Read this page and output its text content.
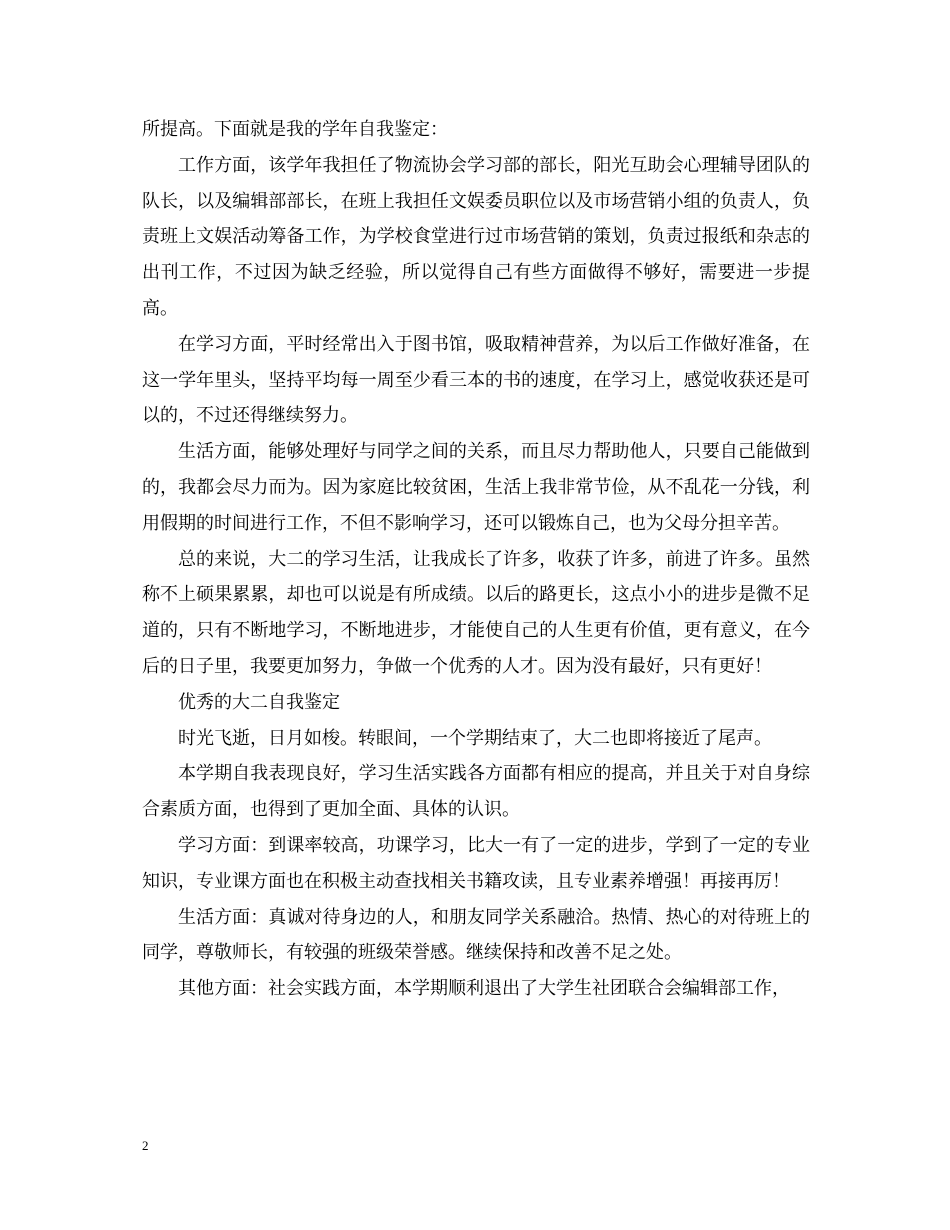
所提高。下面就是我的学年自我鉴定：

工作方面，该学年我担任了物流协会学习部的部长，阳光互助会心理辅导团队的队长，以及编辑部部长，在班上我担任文娱委员职位以及市场营销小组的负责人，负责班上文娱活动筹备工作，为学校食堂进行过市场营销的策划，负责过报纸和杂志的出刊工作，不过因为缺乏经验，所以觉得自己有些方面做得不够好，需要进一步提高。

在学习方面，平时经常出入于图书馆，吸取精神营养，为以后工作做好准备，在这一学年里头，坚持平均每一周至少看三本的书的速度，在学习上，感觉收获还是可以的，不过还得继续努力。

生活方面，能够处理好与同学之间的关系，而且尽力帮助他人，只要自己能做到的，我都会尽力而为。因为家庭比较贫困，生活上我非常节俭，从不乱花一分钱，利用假期的时间进行工作，不但不影响学习，还可以锻炼自己，也为父母分担辛苦。

总的来说，大二的学习生活，让我成长了许多，收获了许多，前进了许多。虽然称不上硕果累累，却也可以说是有所成绩。以后的路更长，这点小小的进步是微不足道的，只有不断地学习，不断地进步，才能使自己的人生更有价值，更有意义，在今后的日子里，我要更加努力，争做一个优秀的人才。因为没有最好，只有更好！

优秀的大二自我鉴定

时光飞逝，日月如梭。转眼间，一个学期结束了，大二也即将接近了尾声。

本学期自我表现良好，学习生活实践各方面都有相应的提高，并且关于对自身综合素质方面，也得到了更加全面、具体的认识。

学习方面：到课率较高，功课学习，比大一有了一定的进步，学到了一定的专业知识，专业课方面也在积极主动查找相关书籍攻读，且专业素养增强！再接再厉！

生活方面：真诚对待身边的人，和朋友同学关系融洽。热情、热心的对待班上的同学，尊敬师长，有较强的班级荣誉感。继续保持和改善不足之处。

其他方面：社会实践方面，本学期顺利退出了大学生社团联合会编辑部工作，

2
